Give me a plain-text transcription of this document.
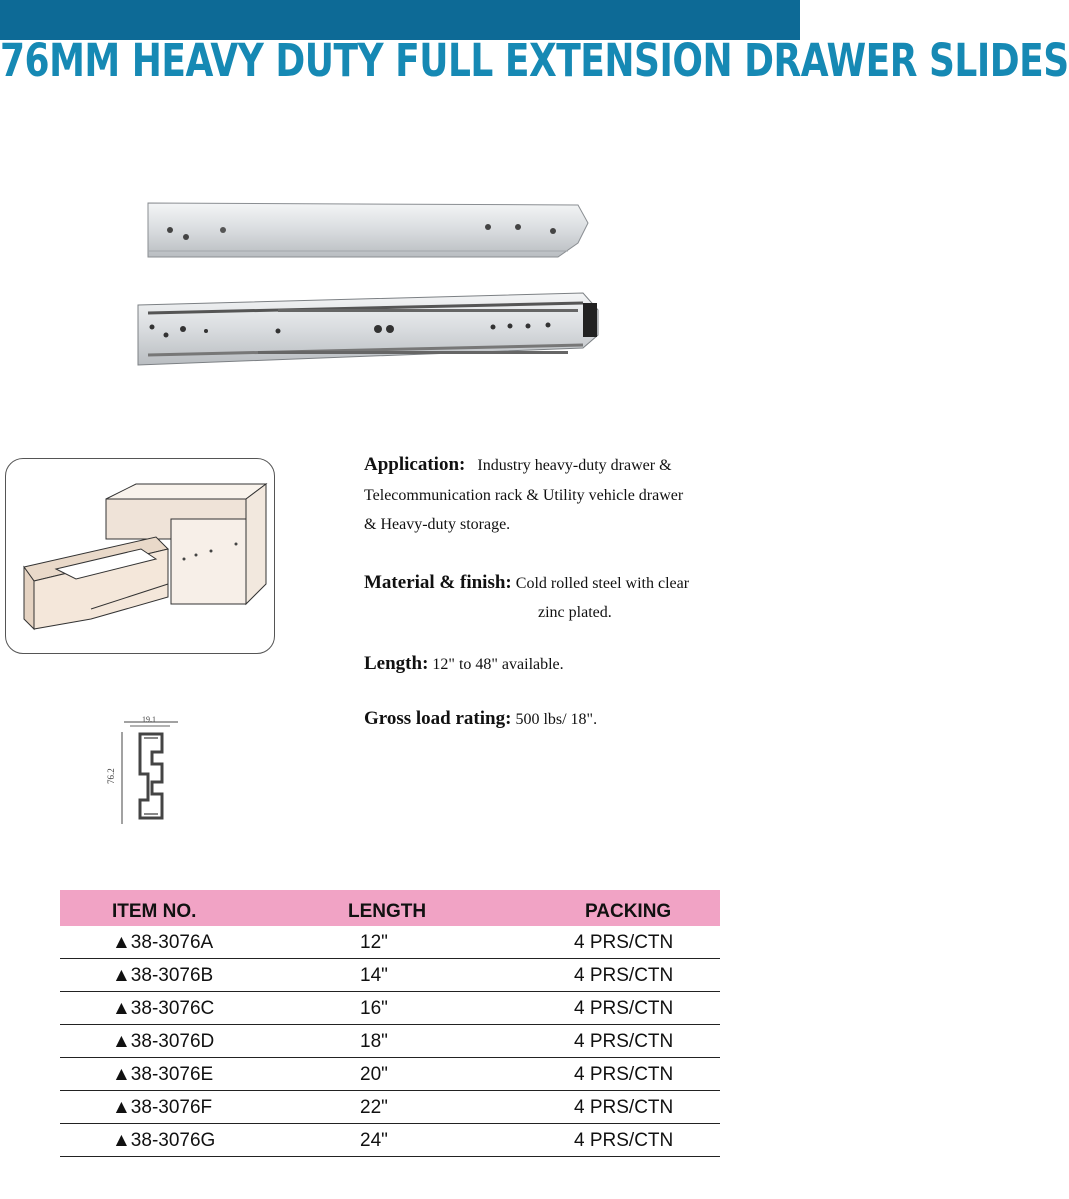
76MM HEAVY DUTY FULL EXTENSION DRAWER SLIDES
19.1
76.2
Application: Industry heavy-duty drawer &
Telecommunication rack & Utility vehicle drawer
& Heavy-duty storage.
Material & finish: Cold rolled steel with clear
zinc plated.
Length: 12" to 48" available.
Gross load rating: 500 lbs/ 18".
ITEM NO.	LENGTH	PACKING
▲38-3076A	12"	4 PRS/CTN
▲38-3076B	14"	4 PRS/CTN
▲38-3076C	16"	4 PRS/CTN
▲38-3076D	18"	4 PRS/CTN
▲38-3076E	20"	4 PRS/CTN
▲38-3076F	22"	4 PRS/CTN
▲38-3076G	24"	4 PRS/CTN
